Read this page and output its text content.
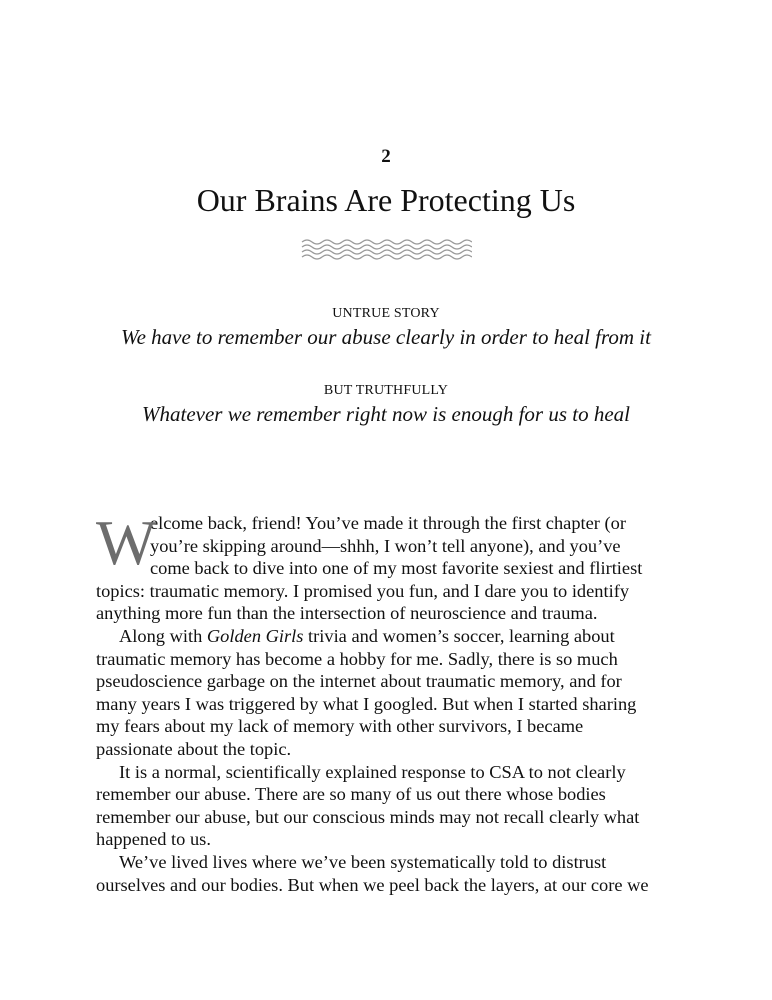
2
Our Brains Are Protecting Us
UNTRUE STORY
We have to remember our abuse clearly in order to heal from it
BUT TRUTHFULLY
Whatever we remember right now is enough for us to heal
W
elcome back, friend! You’ve made it through the first chapter (or
you’re skipping around—shhh, I won’t tell anyone), and you’ve
come back to dive into one of my most favorite sexiest and flirtiest
topics: traumatic memory. I promised you fun, and I dare you to identify
anything more fun than the intersection of neuroscience and trauma.
Along with Golden Girls trivia and women’s soccer, learning about
traumatic memory has become a hobby for me. Sadly, there is so much
pseudoscience garbage on the internet about traumatic memory, and for
many years I was triggered by what I googled. But when I started sharing
my fears about my lack of memory with other survivors, I became
passionate about the topic.
It is a normal, scientifically explained response to CSA to not clearly
remember our abuse. There are so many of us out there whose bodies
remember our abuse, but our conscious minds may not recall clearly what
happened to us.
We’ve lived lives where we’ve been systematically told to distrust
ourselves and our bodies. But when we peel back the layers, at our core we
